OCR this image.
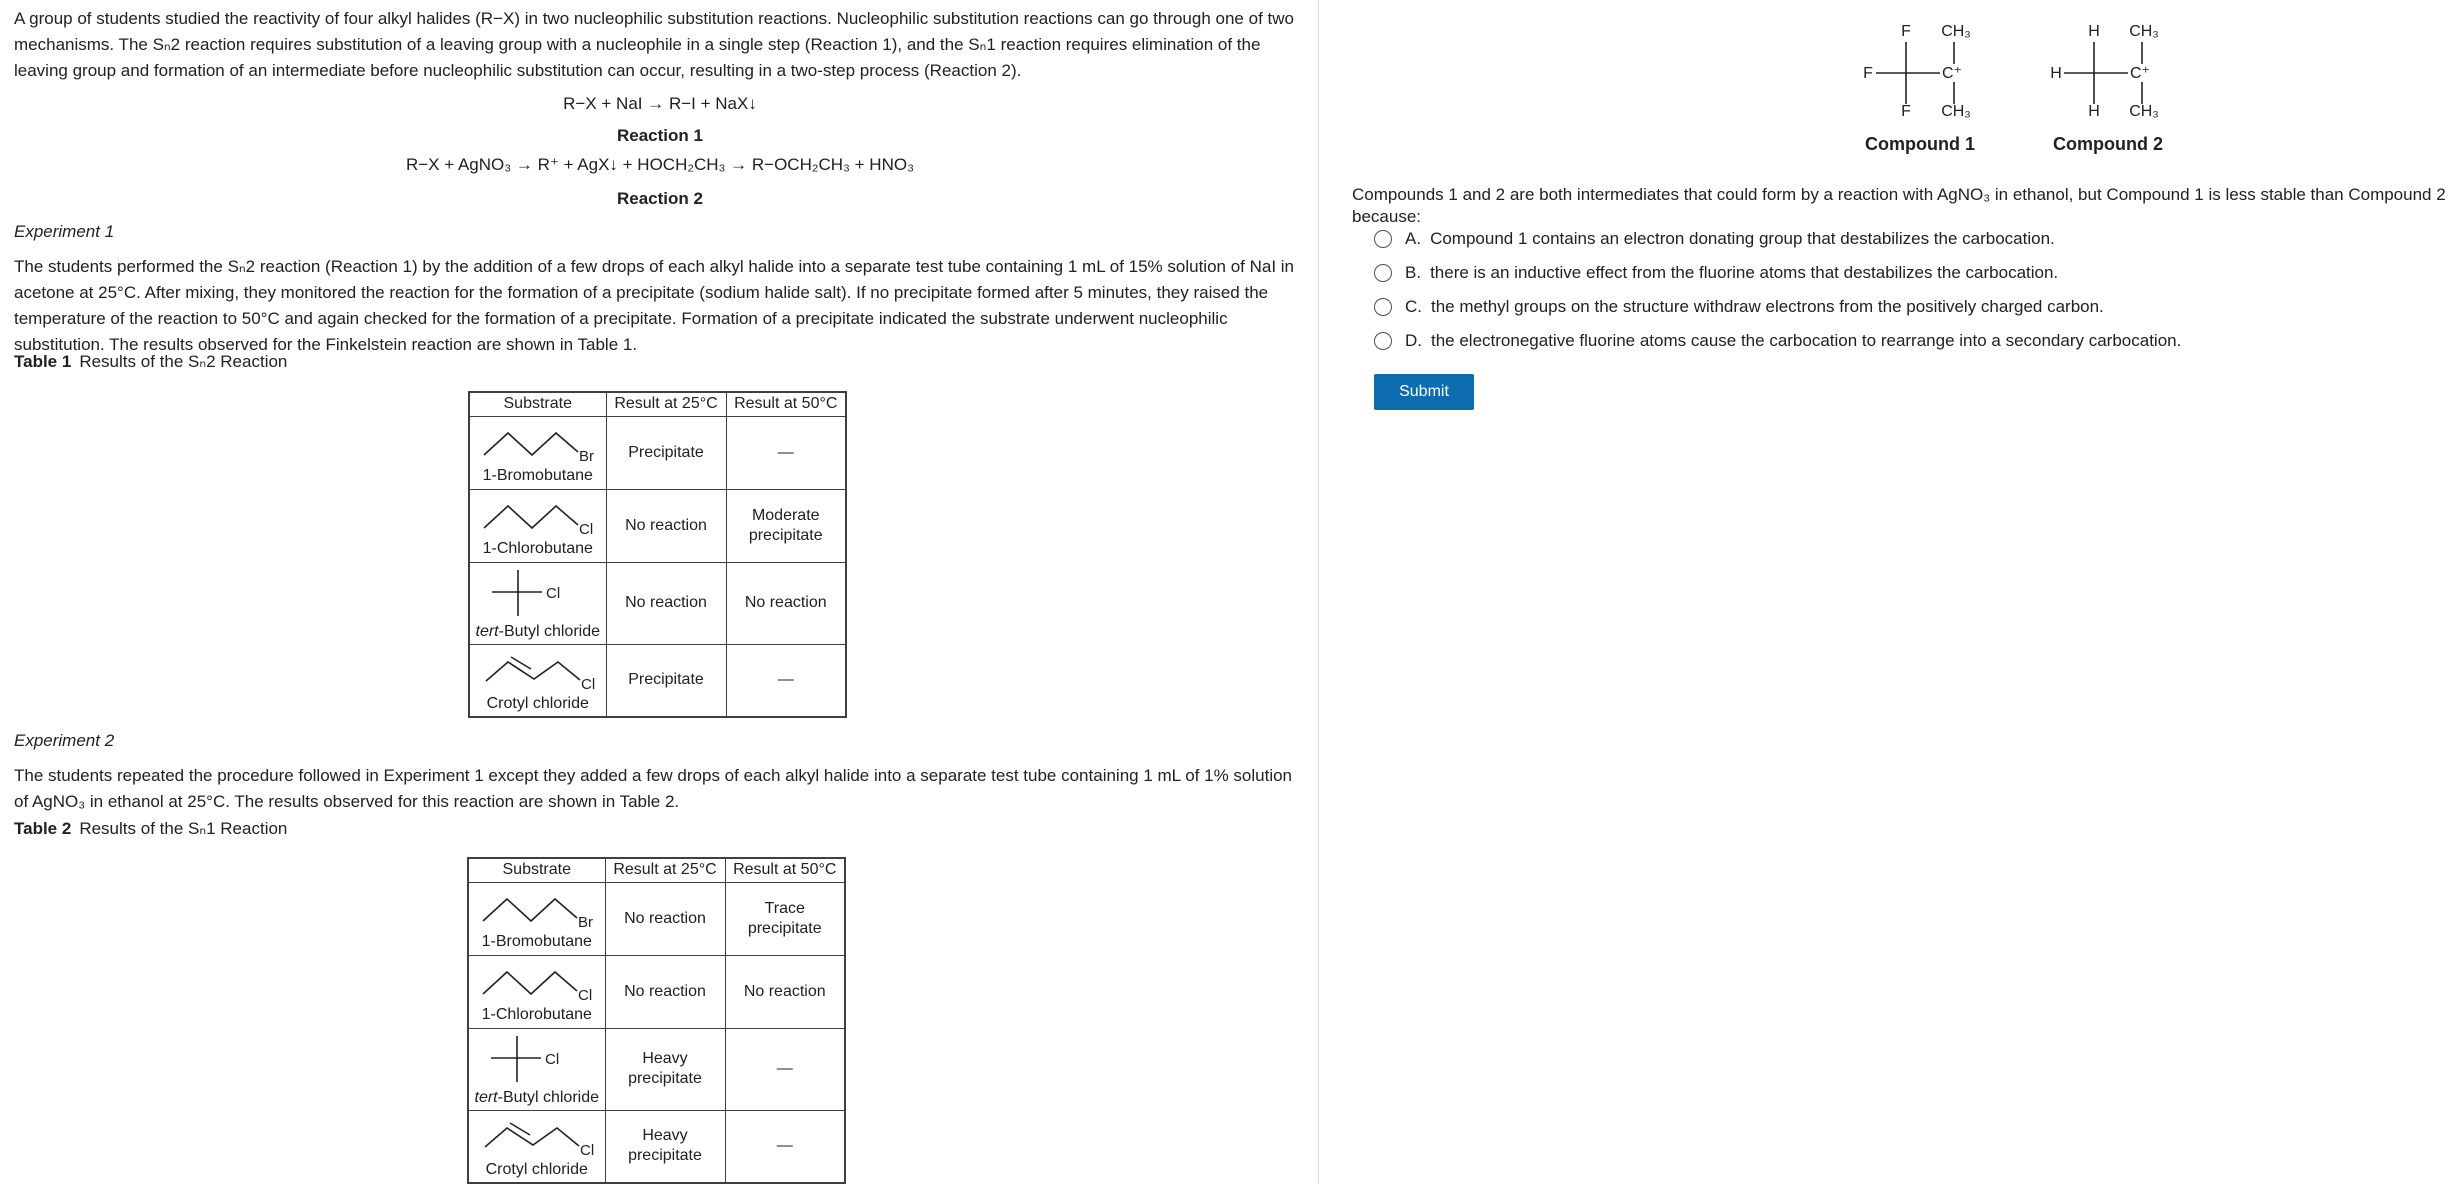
A group of students studied the reactivity of four alkyl halides (R−X) in two nucleophilic substitution reactions. Nucleophilic substitution reactions can go through one of two mechanisms. The Sₙ2 reaction requires substitution of a leaving group with a nucleophile in a single step (Reaction 1), and the Sₙ1 reaction requires elimination of the leaving group and formation of an intermediate before nucleophilic substitution can occur, resulting in a two-step process (Reaction 2).
R−X + NaI → R−I + NaX↓
Reaction 1
R−X + AgNO₃ → R⁺ + AgX↓ + HOCH₂CH₃ → R−OCH₂CH₃ + HNO₃
Reaction 2
Experiment 1
The students performed the Sₙ2 reaction (Reaction 1) by the addition of a few drops of each alkyl halide into a separate test tube containing 1 mL of 15% solution of NaI in acetone at 25°C. After mixing, they monitored the reaction for the formation of a precipitate (sodium halide salt). If no precipitate formed after 5 minutes, they raised the temperature of the reaction to 50°C and again checked for the formation of a precipitate. Formation of a precipitate indicated the substrate underwent nucleophilic substitution. The results observed for the Finkelstein reaction are shown in Table 1.
Table 1 Results of the Sₙ2 Reaction
Substrate	Result at 25°C	Result at 50°C

Br
1-Bromobutane	Precipitate	—

Cl
1-Chlorobutane	No reaction	Moderate precipitate

Cl
tert-Butyl chloride	No reaction	No reaction

Cl
Crotyl chloride	Precipitate	—
Experiment 2
The students repeated the procedure followed in Experiment 1 except they added a few drops of each alkyl halide into a separate test tube containing 1 mL of 1% solution of AgNO₃ in ethanol at 25°C. The results observed for this reaction are shown in Table 2.
Table 2 Results of the Sₙ1 Reaction
Substrate	Result at 25°C	Result at 50°C

Br
1-Bromobutane	No reaction	Trace precipitate

Cl
1-Chlorobutane	No reaction	No reaction

Cl
tert-Butyl chloride	Heavy precipitate	—

Cl
Crotyl chloride	Heavy precipitate	—
F
F
F
C⁺
CH₃
CH₃
Compound 1
H
H
H
C⁺
CH₃
CH₃
Compound 2
Compounds 1 and 2 are both intermediates that could form by a reaction with AgNO₃ in ethanol, but Compound 1 is less stable than Compound 2 because:
A. Compound 1 contains an electron donating group that destabilizes the carbocation.
B. there is an inductive effect from the fluorine atoms that destabilizes the carbocation.
C. the methyl groups on the structure withdraw electrons from the positively charged carbon.
D. the electronegative fluorine atoms cause the carbocation to rearrange into a secondary carbocation.
Submit
